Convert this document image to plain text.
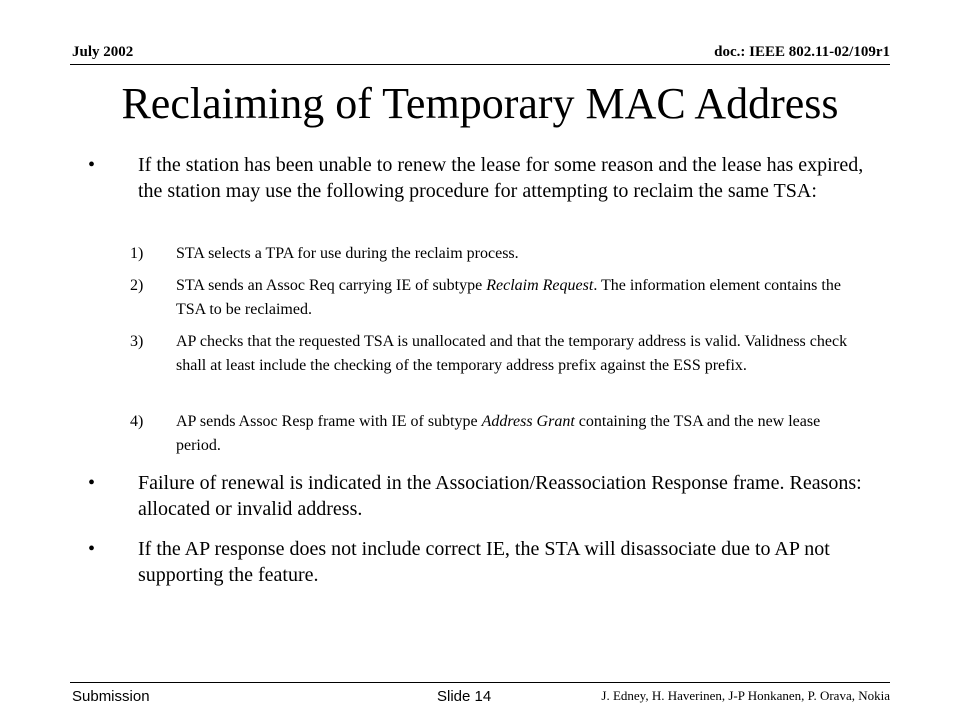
July 2002	doc.: IEEE 802.11-02/109r1
Reclaiming of Temporary MAC Address
• If the station has been unable to renew the lease for some reason and the lease has expired, the station may use the following procedure for attempting to reclaim the same TSA:
1) STA selects a TPA for use during the reclaim process.
2) STA sends an Assoc Req carrying IE of subtype Reclaim Request. The information element contains the TSA to be reclaimed.
3) AP checks that the requested TSA is unallocated and that the temporary address is valid. Validness check shall at least include the checking of the temporary address prefix against the ESS prefix.
4) AP sends Assoc Resp frame with IE of subtype Address Grant containing the TSA and the new lease period.
• Failure of renewal is indicated in the Association/Reassociation Response frame. Reasons: allocated or invalid address.
• If the AP response does not include correct IE, the STA will disassociate due to AP not supporting the feature.
Submission	Slide 14	J. Edney, H. Haverinen, J-P Honkanen, P. Orava, Nokia
